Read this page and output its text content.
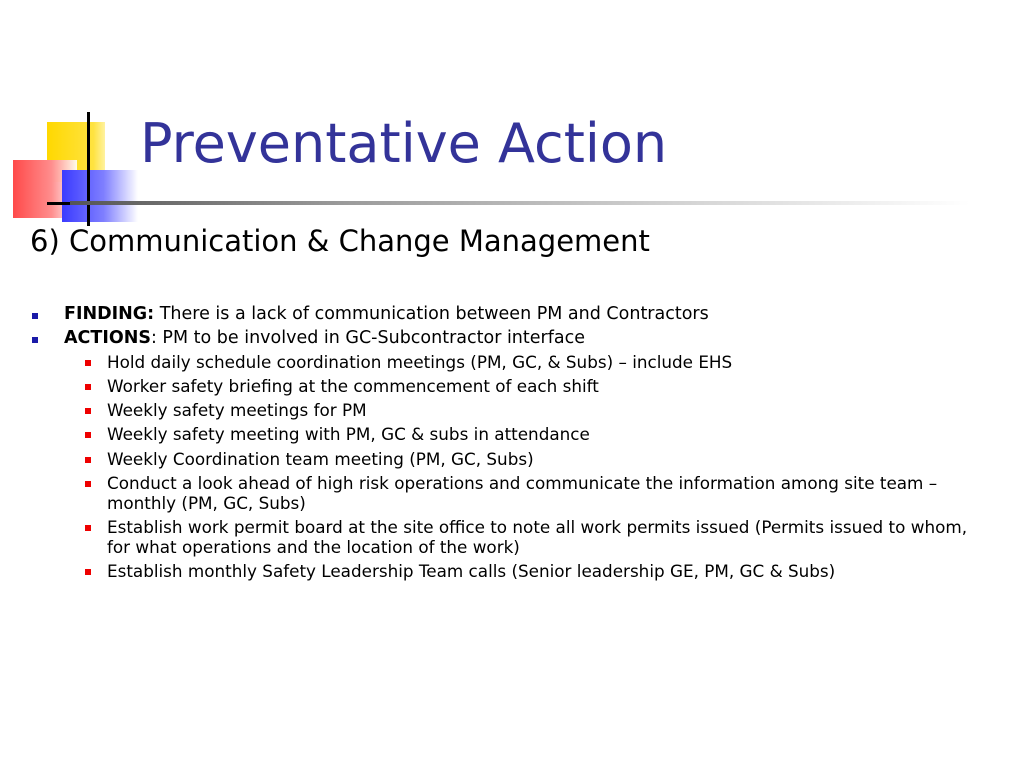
Preventative Action
6) Communication & Change Management
FINDING: There is a lack of communication between PM and Contractors
ACTIONS: PM to be involved in GC-Subcontractor interface
Hold daily schedule coordination meetings (PM, GC, & Subs) – include EHS
Worker safety briefing at the commencement of each shift
Weekly safety meetings for PM
Weekly safety meeting with PM, GC & subs in attendance
Weekly Coordination team meeting (PM, GC, Subs)
Conduct a look ahead of high risk operations and communicate the information among site team – monthly (PM, GC, Subs)
Establish work permit board at the site office to note all work permits issued (Permits issued to whom, for what operations and the location of the work)
Establish monthly Safety Leadership Team calls (Senior leadership GE, PM, GC & Subs)
